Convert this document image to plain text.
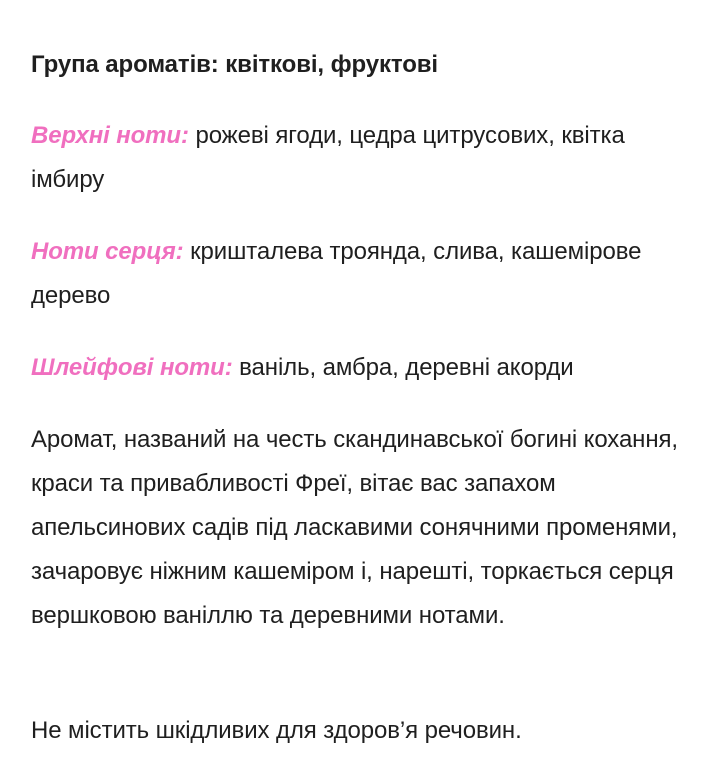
Група ароматів: квіткові, фруктові

Верхні ноти: рожеві ягоди, цедра цитрусових, квітка імбиру

Ноти серця: кришталева троянда, слива, кашемірове дерево

Шлейфові ноти: ваніль, амбра, деревні акорди

Аромат, названий на честь скандинавської богині кохання, краси та привабливості Фреї, вітає вас запахом апельсинових садів під ласкавими сонячними променями, зачаровує ніжним кашеміром і, нарешті, торкається серця вершковою ваніллю та деревними нотами.

Не містить шкідливих для здоров’я речовин.
